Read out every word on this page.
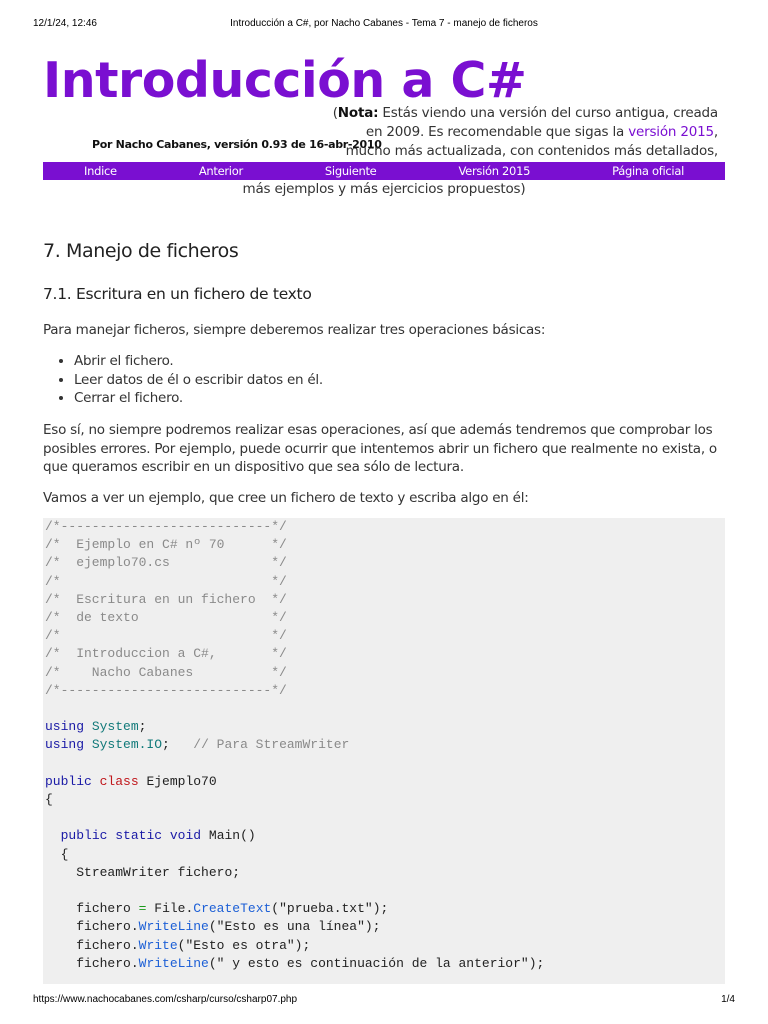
12/1/24, 12:46	Introducción a C#, por Nacho Cabanes - Tema 7 - manejo de ficheros
Introducción a C#
(Nota: Estás viendo una versión del curso antigua, creada en 2009. Es recomendable que sigas la versión 2015, mucho más actualizada, con contenidos más detallados,
Por Nacho Cabanes, versión 0.93 de 16-abr-2010
Indice	Anterior	Siguiente	Versión 2015	Página oficial
más ejemplos y más ejercicios propuestos)
7. Manejo de ficheros
7.1. Escritura en un fichero de texto
Para manejar ficheros, siempre deberemos realizar tres operaciones básicas:
• Abrir el fichero.
• Leer datos de él o escribir datos en él.
• Cerrar el fichero.
Eso sí, no siempre podremos realizar esas operaciones, así que además tendremos que comprobar los posibles errores. Por ejemplo, puede ocurrir que intentemos abrir un fichero que realmente no exista, o que queramos escribir en un dispositivo que sea sólo de lectura.
Vamos a ver un ejemplo, que cree un fichero de texto y escriba algo en él:
/*---------------------------*/
/*  Ejemplo en C# nº 70      */
/*  ejemplo70.cs             */
/*                           */
/*  Escritura en un fichero  */
/*  de texto                 */
/*                           */
/*  Introduccion a C#,       */
/*    Nacho Cabanes          */
/*---------------------------*/

using System;
using System.IO; // Para StreamWriter

public class Ejemplo70
{

public static void Main()
{
StreamWriter fichero;

fichero = File.CreateText("prueba.txt");
fichero.WriteLine("Esto es una línea");
fichero.Write("Esto es otra");
fichero.WriteLine(" y esto es continuación de la anterior");
https://www.nachocabanes.com/csharp/curso/csharp07.php	1/4
